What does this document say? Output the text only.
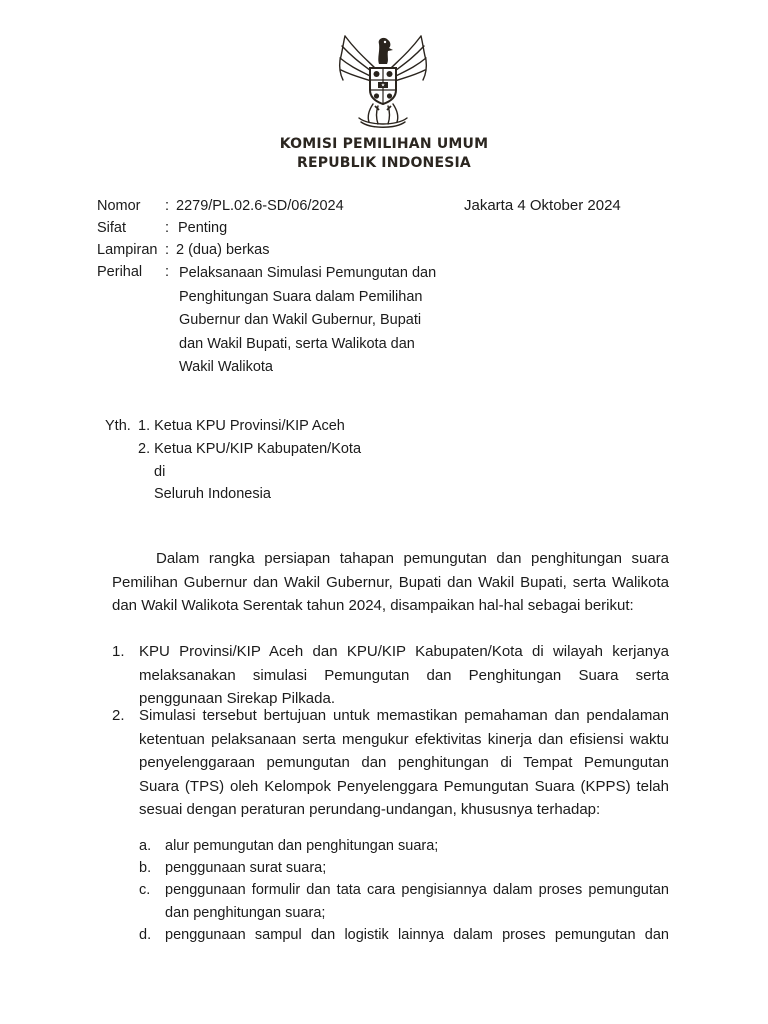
KOMISI PEMILIHAN UMUM
REPUBLIK INDONESIA
Jakarta 4 Oktober 2024
Nomor : 2279/PL.02.6-SD/06/2024
Sifat	: Penting
Lampiran : 2 (dua) berkas
Perihal : Pelaksanaan Simulasi Pemungutan dan
Penghitungan Suara dalam Pemilihan
Gubernur dan Wakil Gubernur, Bupati
dan Wakil Bupati, serta Walikota dan
Wakil Walikota
Yth. 1. Ketua KPU Provinsi/KIP Aceh
2. Ketua KPU/KIP Kabupaten/Kota
di
Seluruh Indonesia
Dalam rangka persiapan tahapan pemungutan dan penghitungan suara Pemilihan Gubernur dan Wakil Gubernur, Bupati dan Wakil Bupati, serta Walikota dan Wakil Walikota Serentak tahun 2024, disampaikan hal-hal sebagai berikut:
1. KPU Provinsi/KIP Aceh dan KPU/KIP Kabupaten/Kota di wilayah kerjanya melaksanakan simulasi Pemungutan dan Penghitungan Suara serta penggunaan Sirekap Pilkada.
2. Simulasi tersebut bertujuan untuk memastikan pemahaman dan pendalaman ketentuan pelaksanaan serta mengukur efektivitas kinerja dan efisiensi waktu penyelenggaraan pemungutan dan penghitungan di Tempat Pemungutan Suara (TPS) oleh Kelompok Penyelenggara Pemungutan Suara (KPPS) telah sesuai dengan peraturan perundang-undangan, khususnya terhadap:
a. alur pemungutan dan penghitungan suara;
b. penggunaan surat suara;
c. penggunaan formulir dan tata cara pengisiannya dalam proses pemungutan dan penghitungan suara;
d. penggunaan sampul dan logistik lainnya dalam proses pemungutan dan
